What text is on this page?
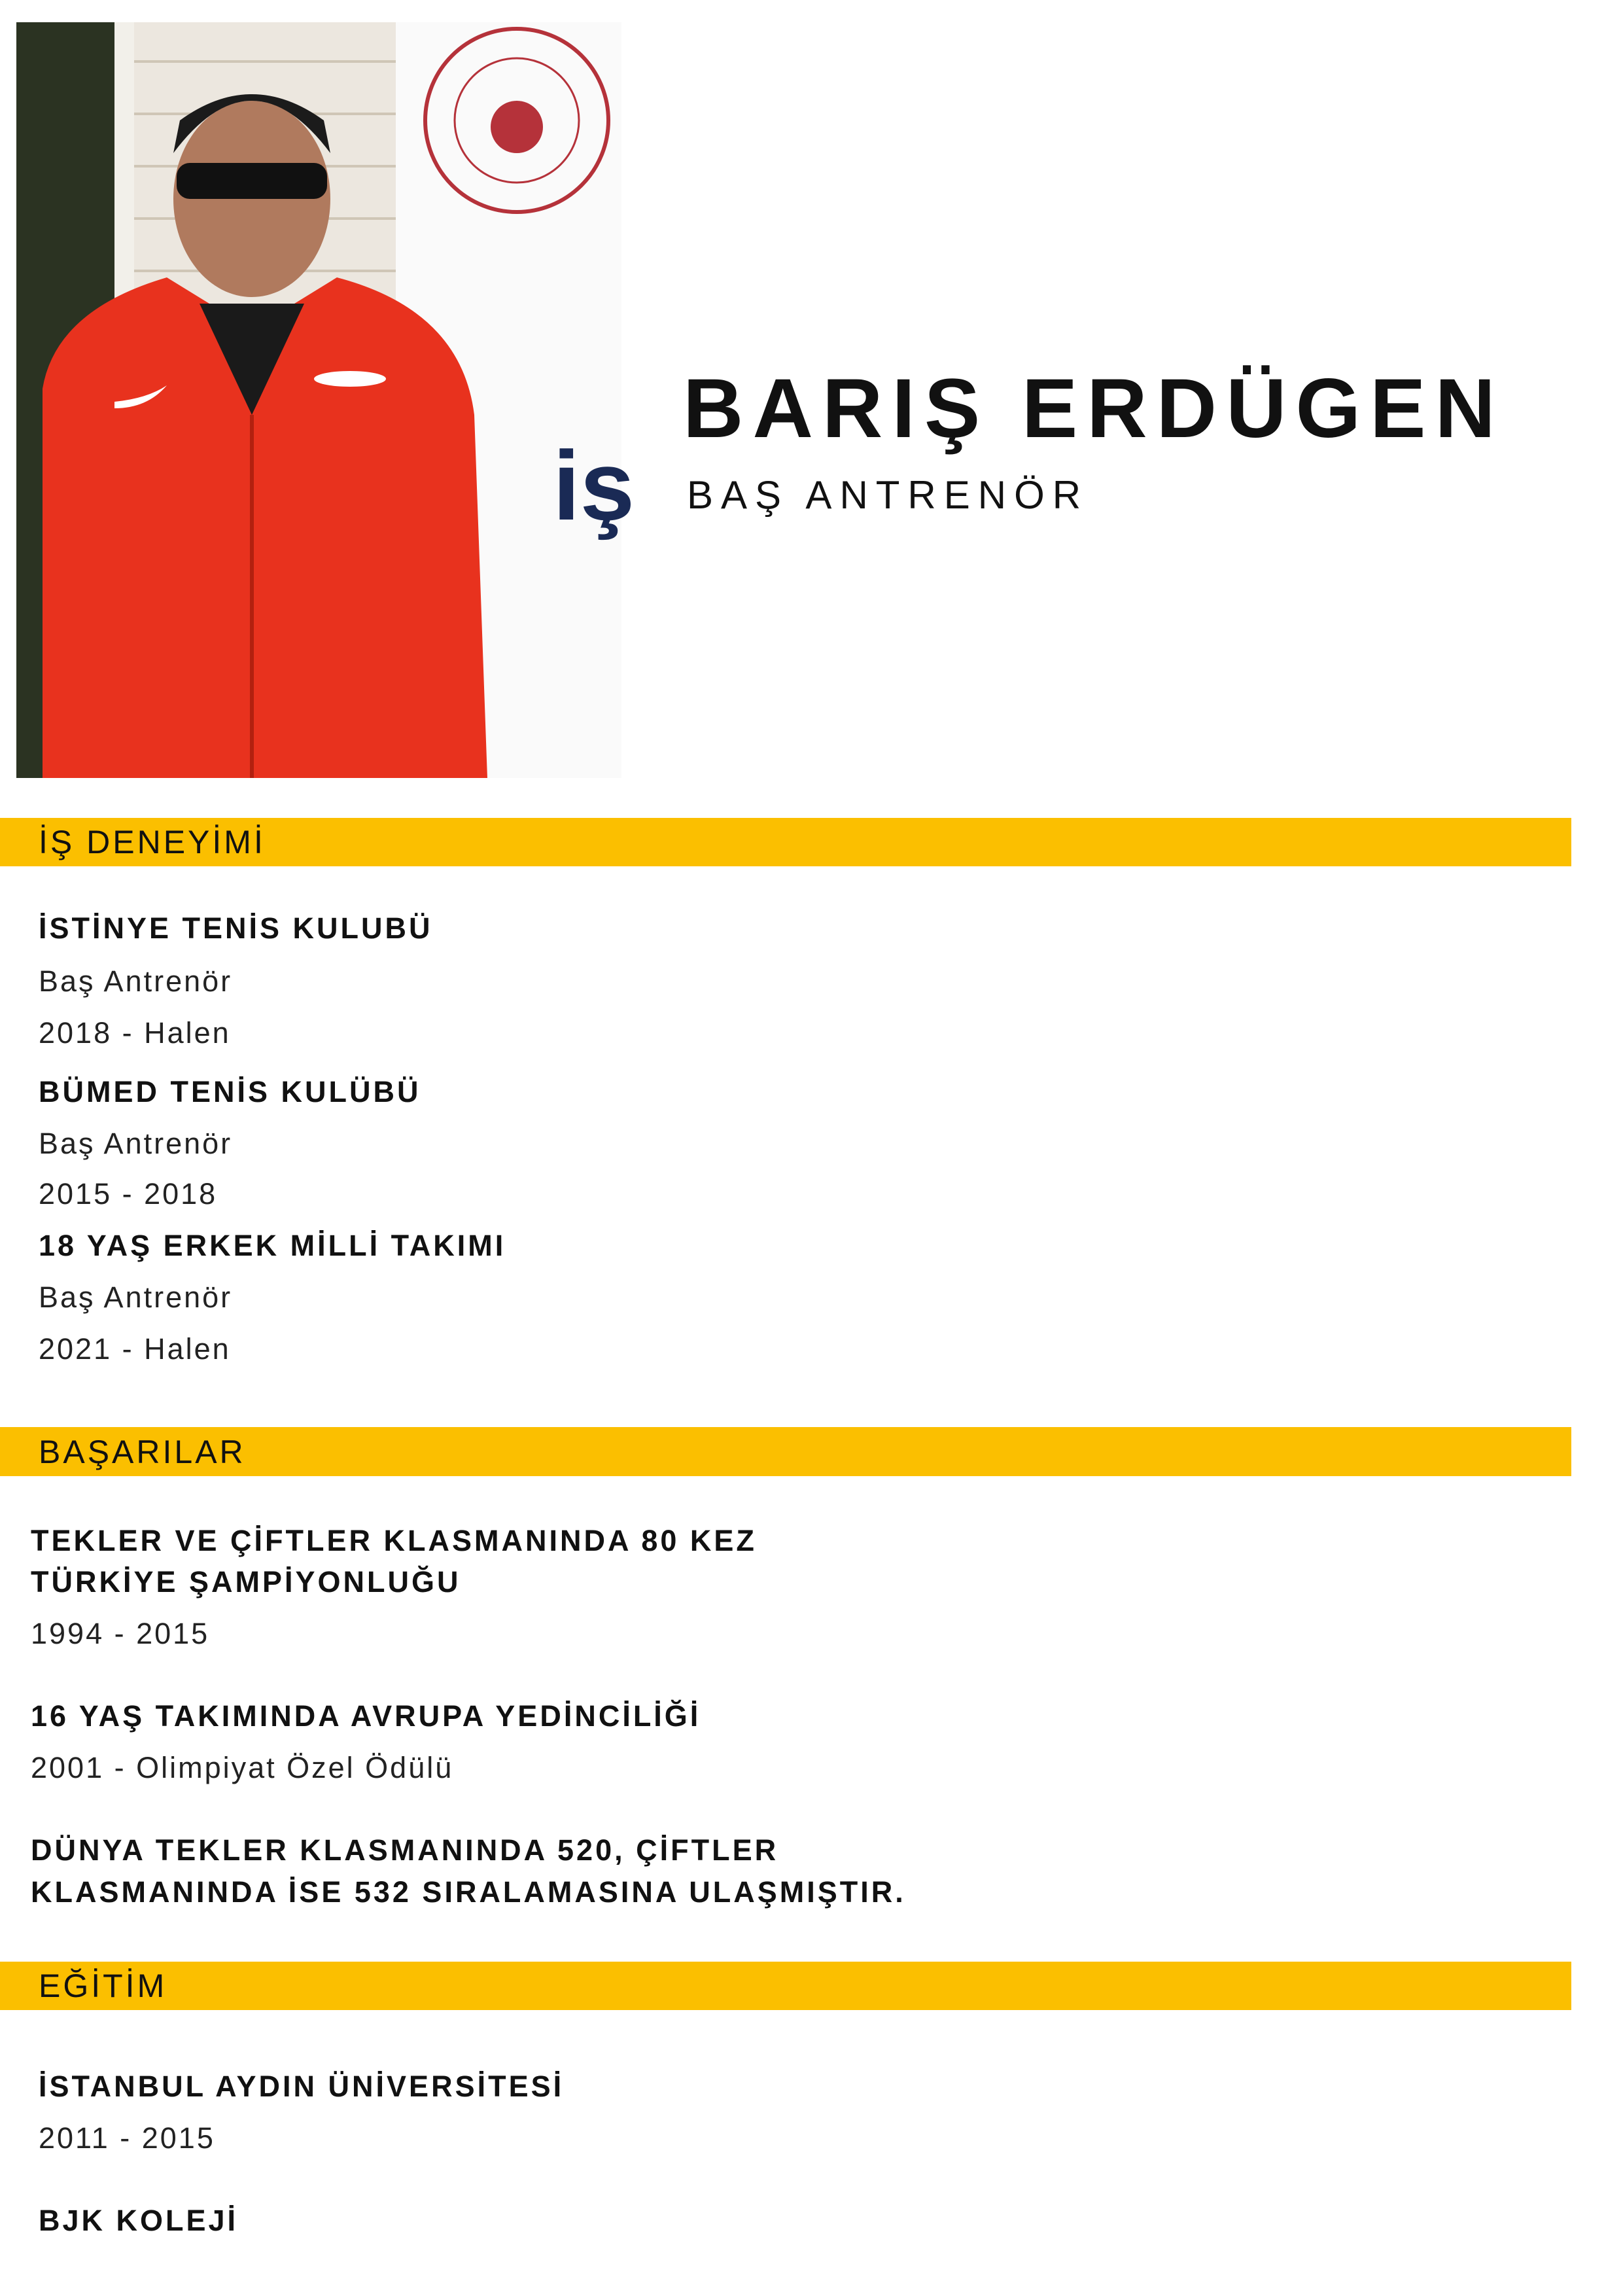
iş
BARIŞ ERDÜGEN
BAŞ ANTRENÖR
İŞ DENEYİMİ
İSTİNYE TENİS KULUBÜ
Baş Antrenör
2018 - Halen
BÜMED TENİS KULÜBÜ
Baş Antrenör
2015 - 2018
18 YAŞ ERKEK MİLLİ TAKIMI
Baş Antrenör
2021 - Halen
BAŞARILAR
TEKLER VE ÇİFTLER KLASMANINDA 80 KEZ
TÜRKİYE ŞAMPİYONLUĞU
1994 - 2015
16 YAŞ TAKIMINDA AVRUPA YEDİNCİLİĞİ
2001 - Olimpiyat Özel Ödülü
DÜNYA TEKLER KLASMANINDA 520, ÇİFTLER
KLASMANINDA İSE 532 SIRALAMASINA ULAŞMIŞTIR.
EĞİTİM
İSTANBUL AYDIN ÜNİVERSİTESİ
2011 - 2015
BJK KOLEJİ
